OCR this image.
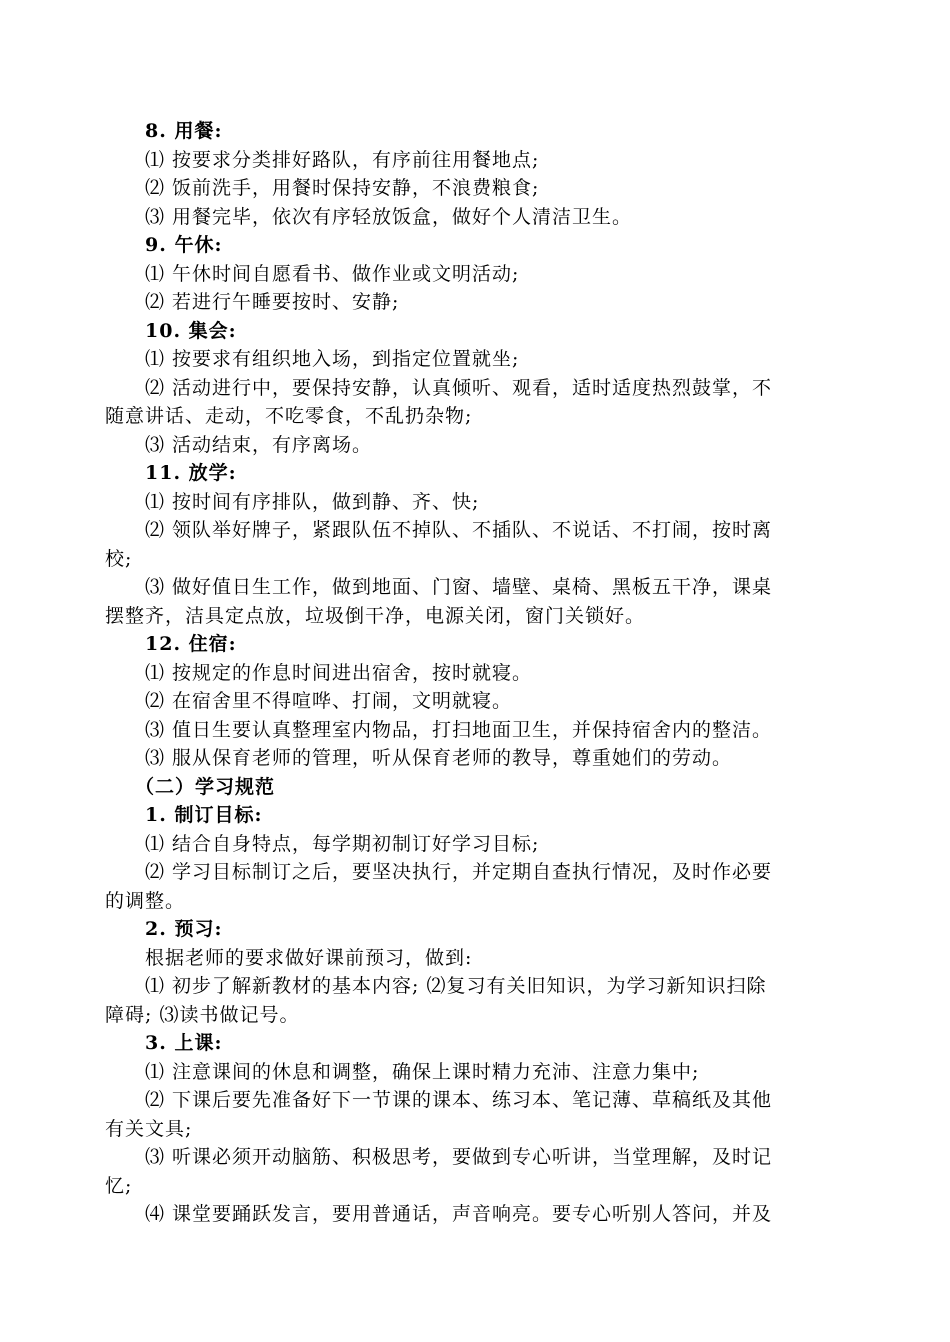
8. 用餐:
⑴ 按要求分类排好路队，有序前往用餐地点;
⑵ 饭前洗手，用餐时保持安静，不浪费粮食;
⑶ 用餐完毕，依次有序轻放饭盒，做好个人清洁卫生。
9. 午休:
⑴ 午休时间自愿看书、做作业或文明活动;
⑵ 若进行午睡要按时、安静;
10. 集会:
⑴ 按要求有组织地入场，到指定位置就坐;
⑵ 活动进行中，要保持安静，认真倾听、观看，适时适度热烈鼓掌，不
随意讲话、走动，不吃零食，不乱扔杂物;
⑶ 活动结束，有序离场。
11. 放学:
⑴ 按时间有序排队，做到静、齐、快;
⑵ 领队举好牌子，紧跟队伍不掉队、不插队、不说话、不打闹，按时离
校;
⑶ 做好值日生工作，做到地面、门窗、墙壁、桌椅、黑板五干净，课桌
摆整齐，洁具定点放，垃圾倒干净，电源关闭，窗门关锁好。
12. 住宿:
⑴ 按规定的作息时间进出宿舍，按时就寝。
⑵ 在宿舍里不得喧哗、打闹，文明就寝。
⑶ 值日生要认真整理室内物品，打扫地面卫生，并保持宿舍内的整洁。
⑶ 服从保育老师的管理，听从保育老师的教导，尊重她们的劳动。
（二）学习规范
1. 制订目标:
⑴ 结合自身特点，每学期初制订好学习目标;
⑵ 学习目标制订之后，要坚决执行，并定期自查执行情况，及时作必要
的调整。
2. 预习:
根据老师的要求做好课前预习，做到:
⑴ 初步了解新教材的基本内容; ⑵复习有关旧知识，为学习新知识扫除
障碍; ⑶读书做记号。
3. 上课:
⑴ 注意课间的休息和调整，确保上课时精力充沛、注意力集中;
⑵ 下课后要先准备好下一节课的课本、练习本、笔记薄、草稿纸及其他
有关文具;
⑶ 听课必须开动脑筋、积极思考，要做到专心听讲，当堂理解，及时记
忆;
⑷ 课堂要踊跃发言，要用普通话，声音响亮。要专心听别人答问，并及
